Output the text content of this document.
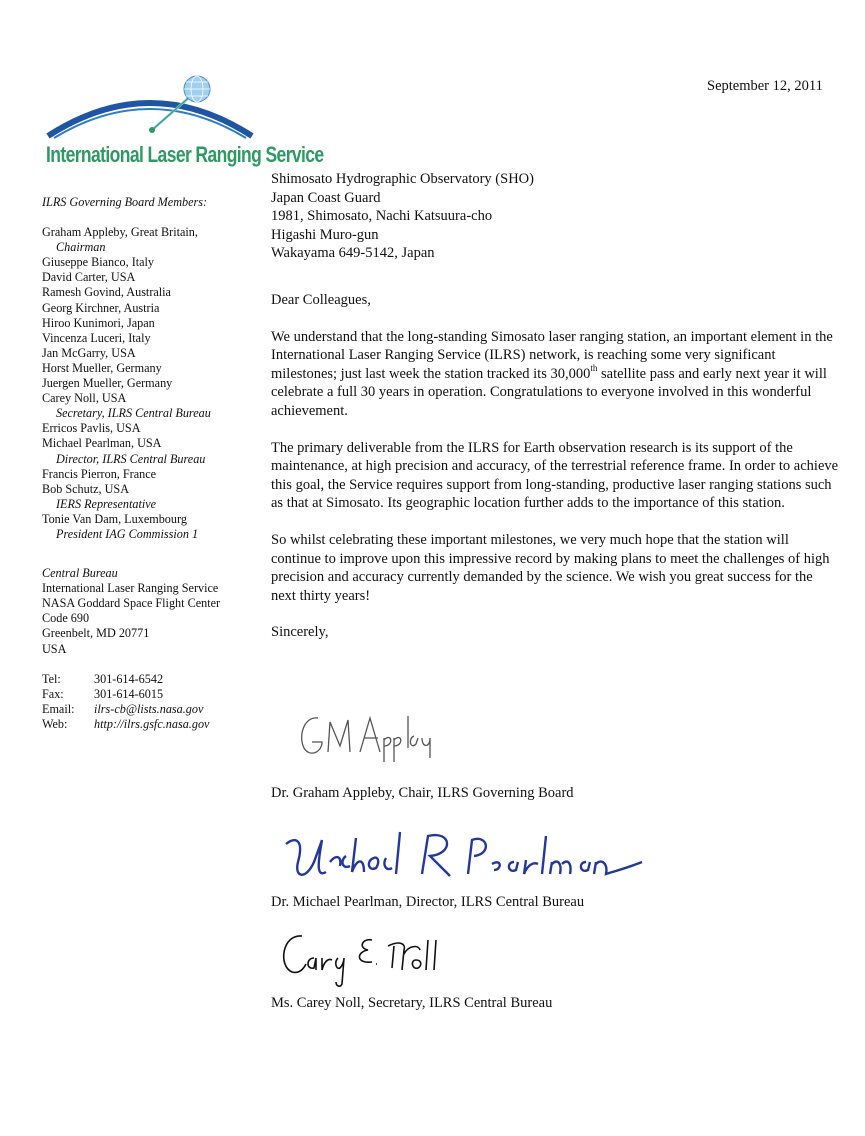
International Laser Ranging Service
September 12, 2011
ILRS Governing Board Members:
Graham Appleby, Great Britain,
Chairman
Giuseppe Bianco, Italy
David Carter, USA
Ramesh Govind, Australia
Georg Kirchner, Austria
Hiroo Kunimori, Japan
Vincenza Luceri, Italy
Jan McGarry, USA
Horst Mueller, Germany
Juergen Mueller, Germany
Carey Noll, USA
Secretary, ILRS Central Bureau
Erricos Pavlis, USA
Michael Pearlman, USA
Director, ILRS Central Bureau
Francis Pierron, France
Bob Schutz, USA
IERS Representative
Tonie Van Dam, Luxembourg
President IAG Commission 1
Central Bureau
International Laser Ranging Service
NASA Goddard Space Flight Center
Code 690
Greenbelt, MD 20771
USA
Tel:	301-614-6542
Fax: 301-614-6015
Email: ilrs-cb@lists.nasa.gov
Web: http://ilrs.gsfc.nasa.gov
Shimosato Hydrographic Observatory (SHO)
Japan Coast Guard
1981, Shimosato, Nachi Katsuura-cho
Higashi Muro-gun
Wakayama 649-5142, Japan

Dear Colleagues,

We understand that the long-standing Simosato laser ranging station, an important element in the International Laser Ranging Service (ILRS) network, is reaching some very significant milestones; just last week the station tracked its 30,000th satellite pass and early next year it will celebrate a full 30 years in operation. Congratulations to everyone involved in this wonderful achievement.

The primary deliverable from the ILRS for Earth observation research is its support of the maintenance, at high precision and accuracy, of the terrestrial reference frame. In order to achieve this goal, the Service requires support from long-standing, productive laser ranging stations such as that at Simosato. Its geographic location further adds to the importance of this station.

So whilst celebrating these important milestones, we very much hope that the station will continue to improve upon this impressive record by making plans to meet the challenges of high precision and accuracy currently demanded by the science. We wish you great success for the next thirty years!

Sincerely,

Dr. Graham Appleby, Chair, ILRS Governing Board
Dr. Michael Pearlman, Director, ILRS Central Bureau
Ms. Carey Noll, Secretary, ILRS Central Bureau
